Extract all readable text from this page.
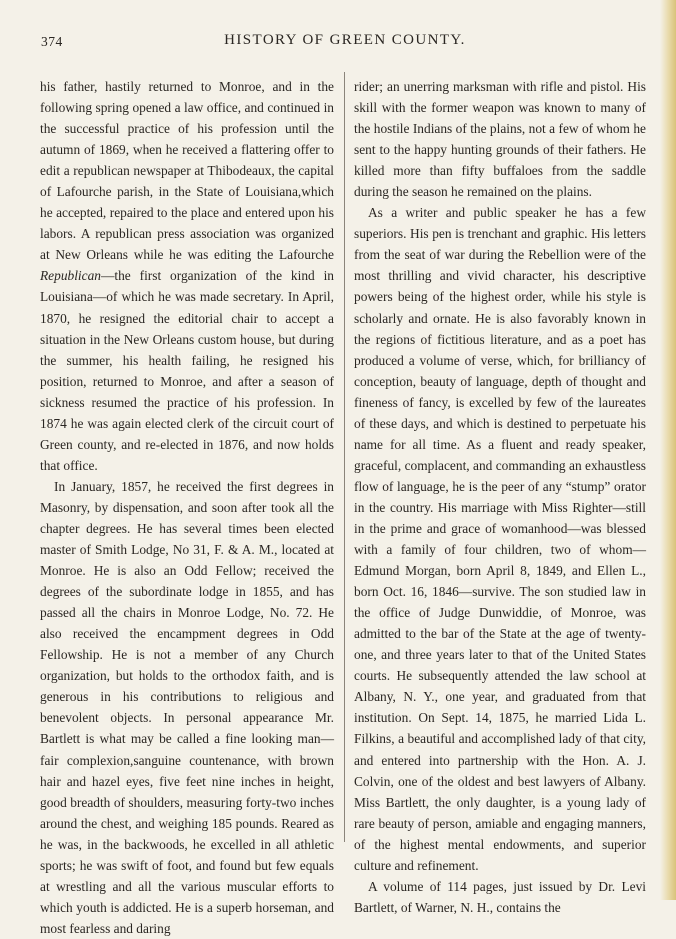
374	HISTORY OF GREEN COUNTY.

his father, hastily returned to Monroe, and in the following spring opened a law office, and continued in the successful practice of his profession until the autumn of 1869, when he received a flattering offer to edit a republican newspaper at Thibodeaux, the capital of Lafourche parish, in the State of Louisiana,which he accepted, repaired to the place and entered upon his labors. A republican press association was organized at New Orleans while he was editing the Lafourche Republican—the first organization of the kind in Louisiana—of which he was made secretary. In April, 1870, he resigned the editorial chair to accept a situation in the New Orleans custom house, but during the summer, his health failing, he resigned his position, returned to Monroe, and after a season of sickness resumed the practice of his profession. In 1874 he was again elected clerk of the circuit court of Green county, and re-elected in 1876, and now holds that office.

In January, 1857, he received the first degrees in Masonry, by dispensation, and soon after took all the chapter degrees. He has several times been elected master of Smith Lodge, No 31, F. & A. M., located at Monroe. He is also an Odd Fellow; received the degrees of the subordinate lodge in 1855, and has passed all the chairs in Monroe Lodge, No. 72. He also received the encampment degrees in Odd Fellowship. He is not a member of any Church organization, but holds to the orthodox faith, and is generous in his contributions to religious and benevolent objects. In personal appearance Mr. Bartlett is what may be called a fine looking man—fair complexion,sanguine countenance, with brown hair and hazel eyes, five feet nine inches in height, good breadth of shoulders, measuring forty-two inches around the chest, and weighing 185 pounds. Reared as he was, in the backwoods, he excelled in all athletic sports; he was swift of foot, and found but few equals at wrestling and all the various muscular efforts to which youth is addicted. He is a superb horseman, and most fearless and daring

rider; an unerring marksman with rifle and pistol. His skill with the former weapon was known to many of the hostile Indians of the plains, not a few of whom he sent to the happy hunting grounds of their fathers. He killed more than fifty buffaloes from the saddle during the season he remained on the plains.

As a writer and public speaker he has a few superiors. His pen is trenchant and graphic. His letters from the seat of war during the Rebellion were of the most thrilling and vivid character, his descriptive powers being of the highest order, while his style is scholarly and ornate. He is also favorably known in the regions of fictitious literature, and as a poet has produced a volume of verse, which, for brilliancy of conception, beauty of language, depth of thought and fineness of fancy, is excelled by few of the laureates of these days, and which is destined to perpetuate his name for all time. As a fluent and ready speaker, graceful, complacent, and commanding an exhaustless flow of language, he is the peer of any “stump” orator in the country. His marriage with Miss Righter—still in the prime and grace of womanhood—was blessed with a family of four children, two of whom—Edmund Morgan, born April 8, 1849, and Ellen L., born Oct. 16, 1846—survive. The son studied law in the office of Judge Dunwiddie, of Monroe, was admitted to the bar of the State at the age of twenty-one, and three years later to that of the United States courts. He subsequently attended the law school at Albany, N. Y., one year, and graduated from that institution. On Sept. 14, 1875, he married Lida L. Filkins, a beautiful and accomplished lady of that city, and entered into partnership with the Hon. A. J. Colvin, one of the oldest and best lawyers of Albany. Miss Bartlett, the only daughter, is a young lady of rare beauty of person, amiable and engaging manners, of the highest mental endowments, and superior culture and refinement.

A volume of 114 pages, just issued by Dr. Levi Bartlett, of Warner, N. H., contains the
